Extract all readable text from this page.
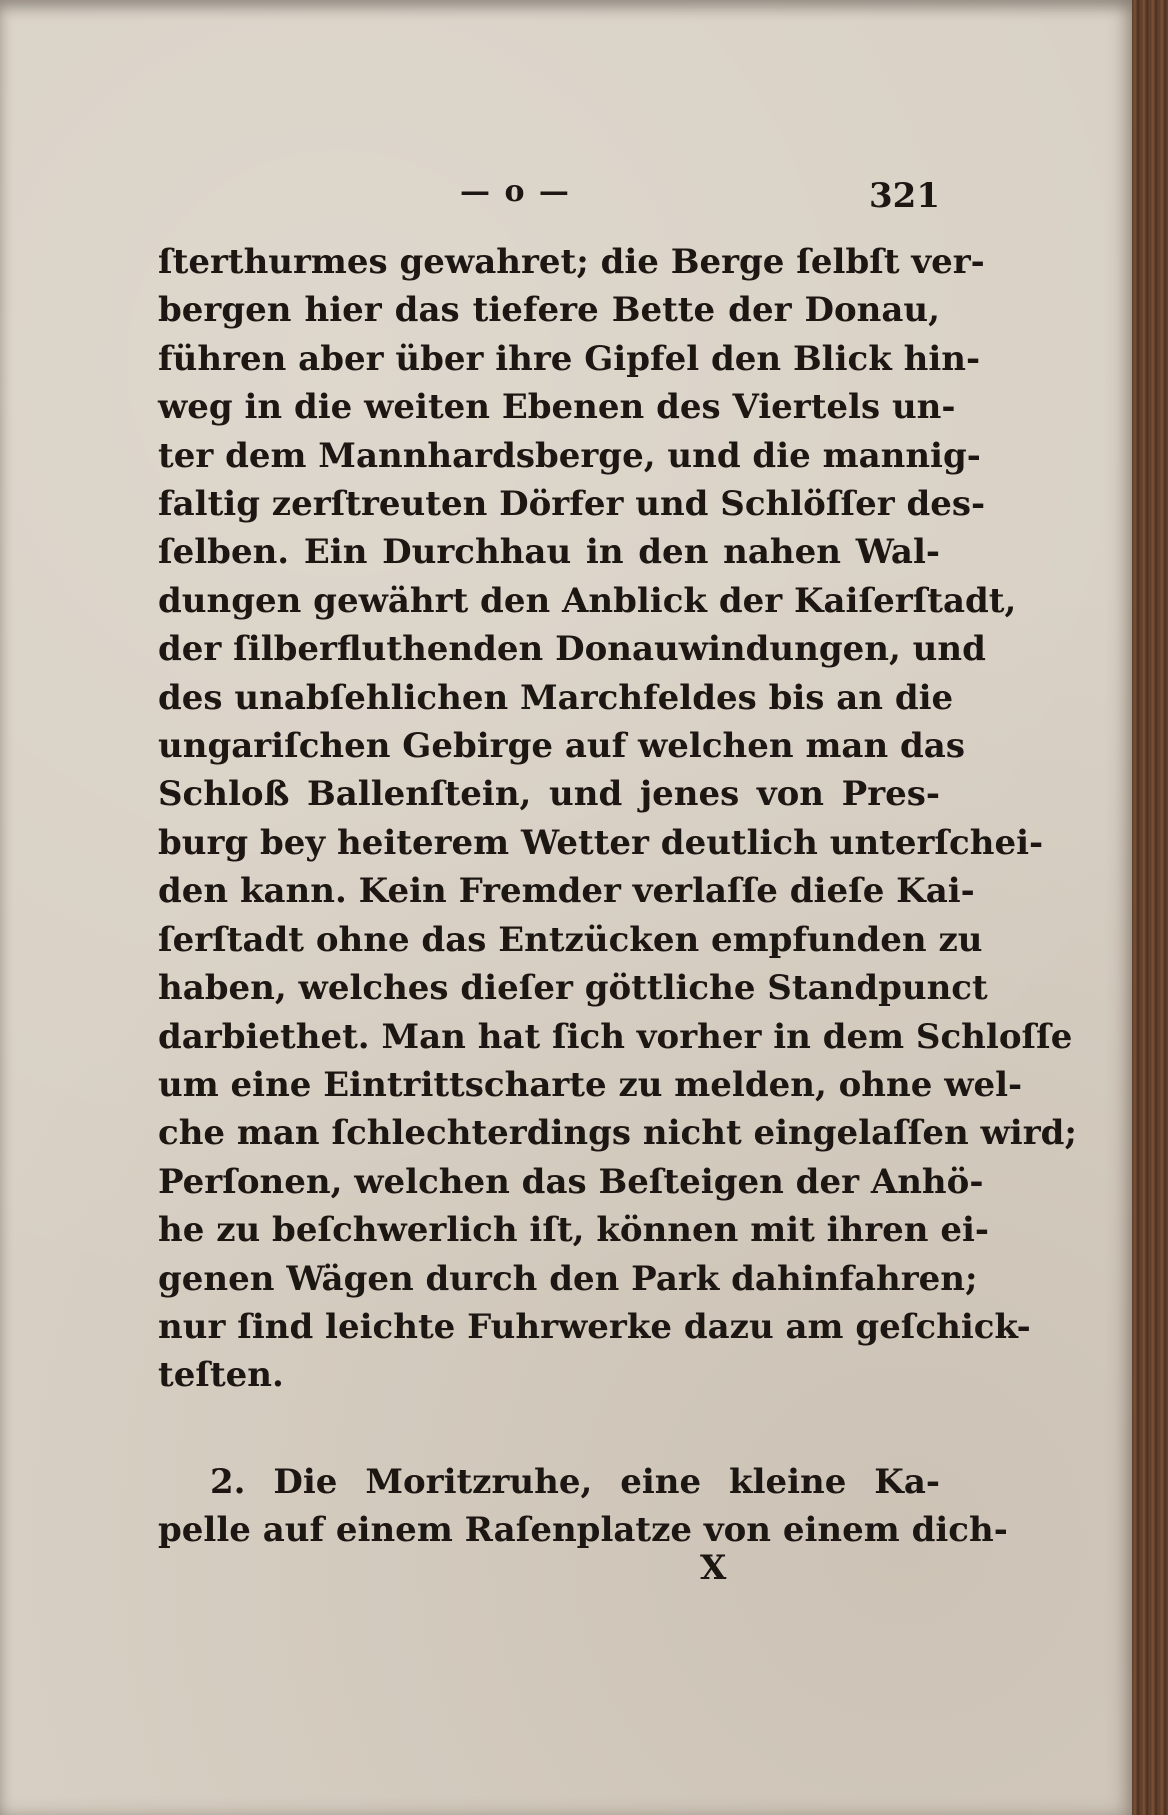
— o —	321
ſterthurmes gewahret; die Berge ſelbſt ver-
bergen hier das tiefere Bette der Donau,
führen aber über ihre Gipfel den Blick hin-
weg in die weiten Ebenen des Viertels un-
ter dem Mannhardsberge, und die mannig-
faltig zerſtreuten Dörfer und Schlöſſer des-
ſelben. Ein Durchhau in den nahen Wal-
dungen gewährt den Anblick der Kaiſerſtadt,
der ſilberfluthenden Donauwindungen, und
des unabſehlichen Marchfeldes bis an die
ungariſchen Gebirge auf welchen man das
Schloß Ballenſtein, und jenes von Pres-
burg bey heiterem Wetter deutlich unterſchei-
den kann. Kein Fremder verlaſſe dieſe Kai-
ſerſtadt ohne das Entzücken empfunden zu
haben, welches dieſer göttliche Standpunct
darbiethet. Man hat ſich vorher in dem Schloſſe
um eine Eintrittscharte zu melden, ohne wel-
che man ſchlechterdings nicht eingelaſſen wird;
Perſonen, welchen das Beſteigen der Anhö-
he zu beſchwerlich iſt, können mit ihren ei-
genen Wägen durch den Park dahinfahren;
nur ſind leichte Fuhrwerke dazu am geſchick-
teſten.
2. Die Moritzruhe, eine kleine Ka-
pelle auf einem Raſenplatze von einem dich-
X
